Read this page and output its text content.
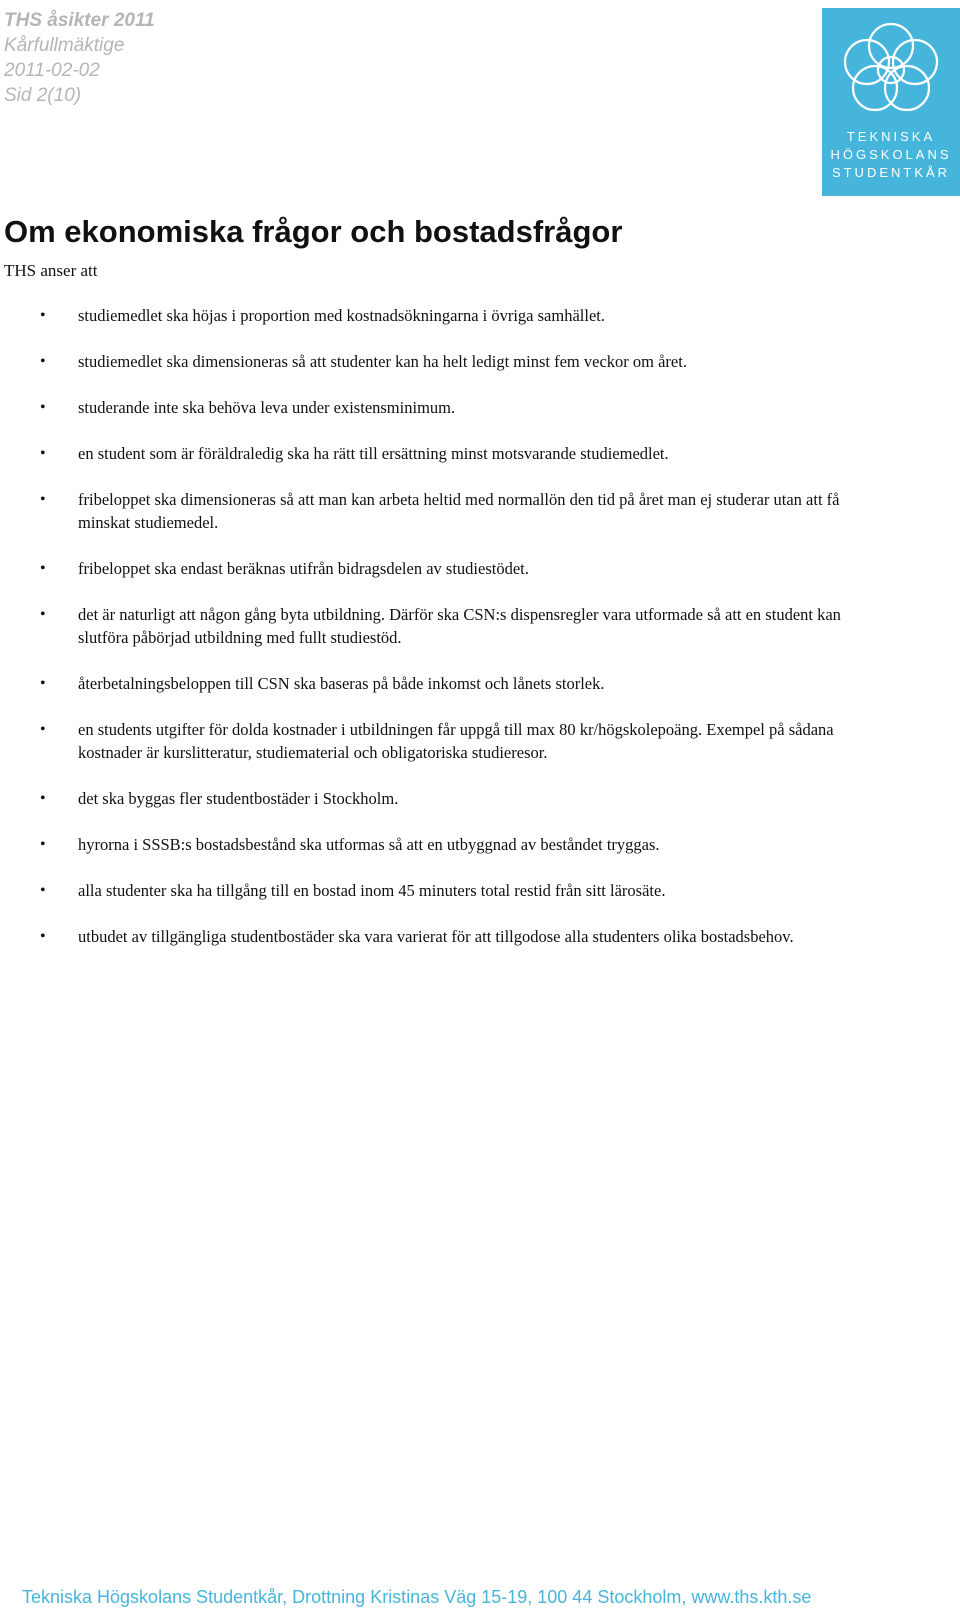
THS åsikter 2011
Kårfullmäktige
2011-02-02
Sid 2(10)
TEKNISKA
HÖGSKOLANS
STUDENTKÅR
Om ekonomiska frågor och bostadsfrågor
THS anser att
• studiemedlet ska höjas i proportion med kostnadsökningarna i övriga samhället.
• studiemedlet ska dimensioneras så att studenter kan ha helt ledigt minst fem veckor om året.
• studerande inte ska behöva leva under existensminimum.
• en student som är föräldraledig ska ha rätt till ersättning minst motsvarande studiemedlet.
• fribeloppet ska dimensioneras så att man kan arbeta heltid med normallön den tid på året man ej studerar utan att få minskat studiemedel.
• fribeloppet ska endast beräknas utifrån bidragsdelen av studiestödet.
• det är naturligt att någon gång byta utbildning. Därför ska CSN:s dispensregler vara utformade så att en student kan slutföra påbörjad utbildning med fullt studiestöd.
• återbetalningsbeloppen till CSN ska baseras på både inkomst och lånets storlek.
• en students utgifter för dolda kostnader i utbildningen får uppgå till max 80 kr/högskolepoäng. Exempel på sådana kostnader är kurslitteratur, studiematerial och obligatoriska studieresor.
• det ska byggas fler studentbostäder i Stockholm.
• hyrorna i SSSB:s bostadsbestånd ska utformas så att en utbyggnad av beståndet tryggas.
• alla studenter ska ha tillgång till en bostad inom 45 minuters total restid från sitt lärosäte.
• utbudet av tillgängliga studentbostäder ska vara varierat för att tillgodose alla studenters olika bostadsbehov.
Tekniska Högskolans Studentkår, Drottning Kristinas Väg 15-19, 100 44 Stockholm, www.ths.kth.se
